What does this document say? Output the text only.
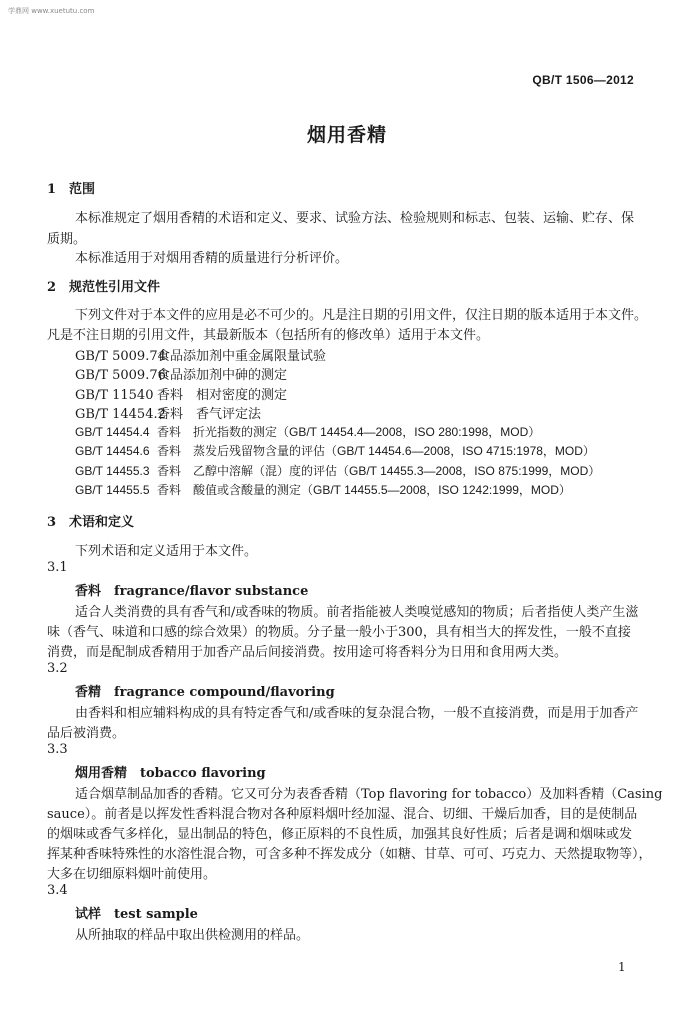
学鼎网 www.xuetutu.com
QB/T 1506—2012
烟用香精
1　范围
本标准规定了烟用香精的术语和定义、要求、试验方法、检验规则和标志、包装、运输、贮存、保
质期。
本标准适用于对烟用香精的质量进行分析评价。
2　规范性引用文件
下列文件对于本文件的应用是必不可少的。凡是注日期的引用文件，仅注日期的版本适用于本文件。
凡是不注日期的引用文件，其最新版本（包括所有的修改单）适用于本文件。
GB/T 5009.74食品添加剂中重金属限量试验
GB/T 5009.76食品添加剂中砷的测定
GB/T 11540 香料　相对密度的测定
GB/T 14454.2香料　香气评定法
GB/T 14454.4 香料　折光指数的测定（GB/T 14454.4—2008，ISO 280:1998，MOD）
GB/T 14454.6 香料　蒸发后残留物含量的评估（GB/T 14454.6—2008，ISO 4715:1978，MOD）
GB/T 14455.3 香料　乙醇中溶解（混）度的评估（GB/T 14455.3—2008，ISO 875:1999，MOD）
GB/T 14455.5 香料　酸值或含酸量的测定（GB/T 14455.5—2008，ISO 1242:1999，MOD）
3　术语和定义
下列术语和定义适用于本文件。
3.1
香料　fragrance/flavor substance
适合人类消费的具有香气和/或香味的物质。前者指能被人类嗅觉感知的物质；后者指使人类产生滋
味（香气、味道和口感的综合效果）的物质。分子量一般小于300，具有相当大的挥发性，一般不直接
消费，而是配制成香精用于加香产品后间接消费。按用途可将香料分为日用和食用两大类。
3.2
香精　fragrance compound/flavoring
由香料和相应辅料构成的具有特定香气和/或香味的复杂混合物，一般不直接消费，而是用于加香产
品后被消费。
3.3
烟用香精　tobacco flavoring
适合烟草制品加香的香精。它又可分为表香香精（Top flavoring for tobacco）及加料香精（Casing
sauce）。前者是以挥发性香料混合物对各种原料烟叶经加湿、混合、切细、干燥后加香，目的是使制品
的烟味或香气多样化，显出制品的特色，修正原料的不良性质，加强其良好性质；后者是调和烟味或发
挥某种香味特殊性的水溶性混合物，可含多种不挥发成分（如糖、甘草、可可、巧克力、天然提取物等），
大多在切细原料烟叶前使用。
3.4
试样　test sample
从所抽取的样品中取出供检测用的样品。
1
